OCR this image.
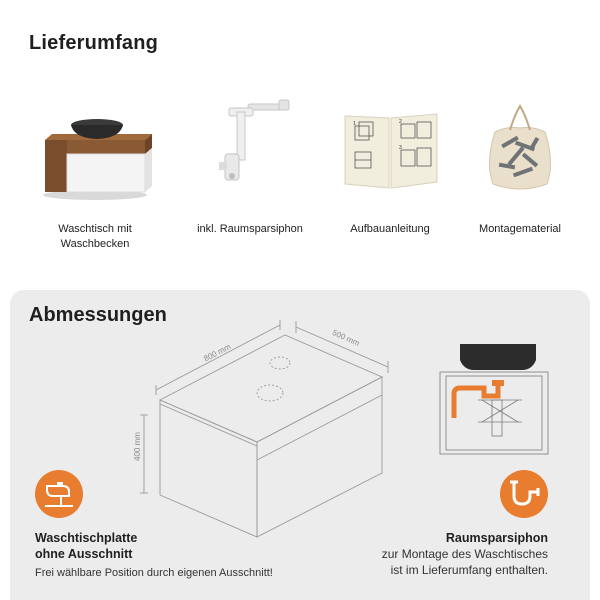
Lieferumfang
Waschtisch mit
Waschbecken
inkl. Raumsparsiphon
1	2
3
Aufbauanleitung	Montagematerial
Abmessungen
800 mm
500 mm
400 mm
Waschtischplatte
ohne Ausschnitt
Frei wählbare Position durch eigenen Ausschnitt!
Raumsparsiphon
zur Montage des Waschtisches
ist im Lieferumfang enthalten.
